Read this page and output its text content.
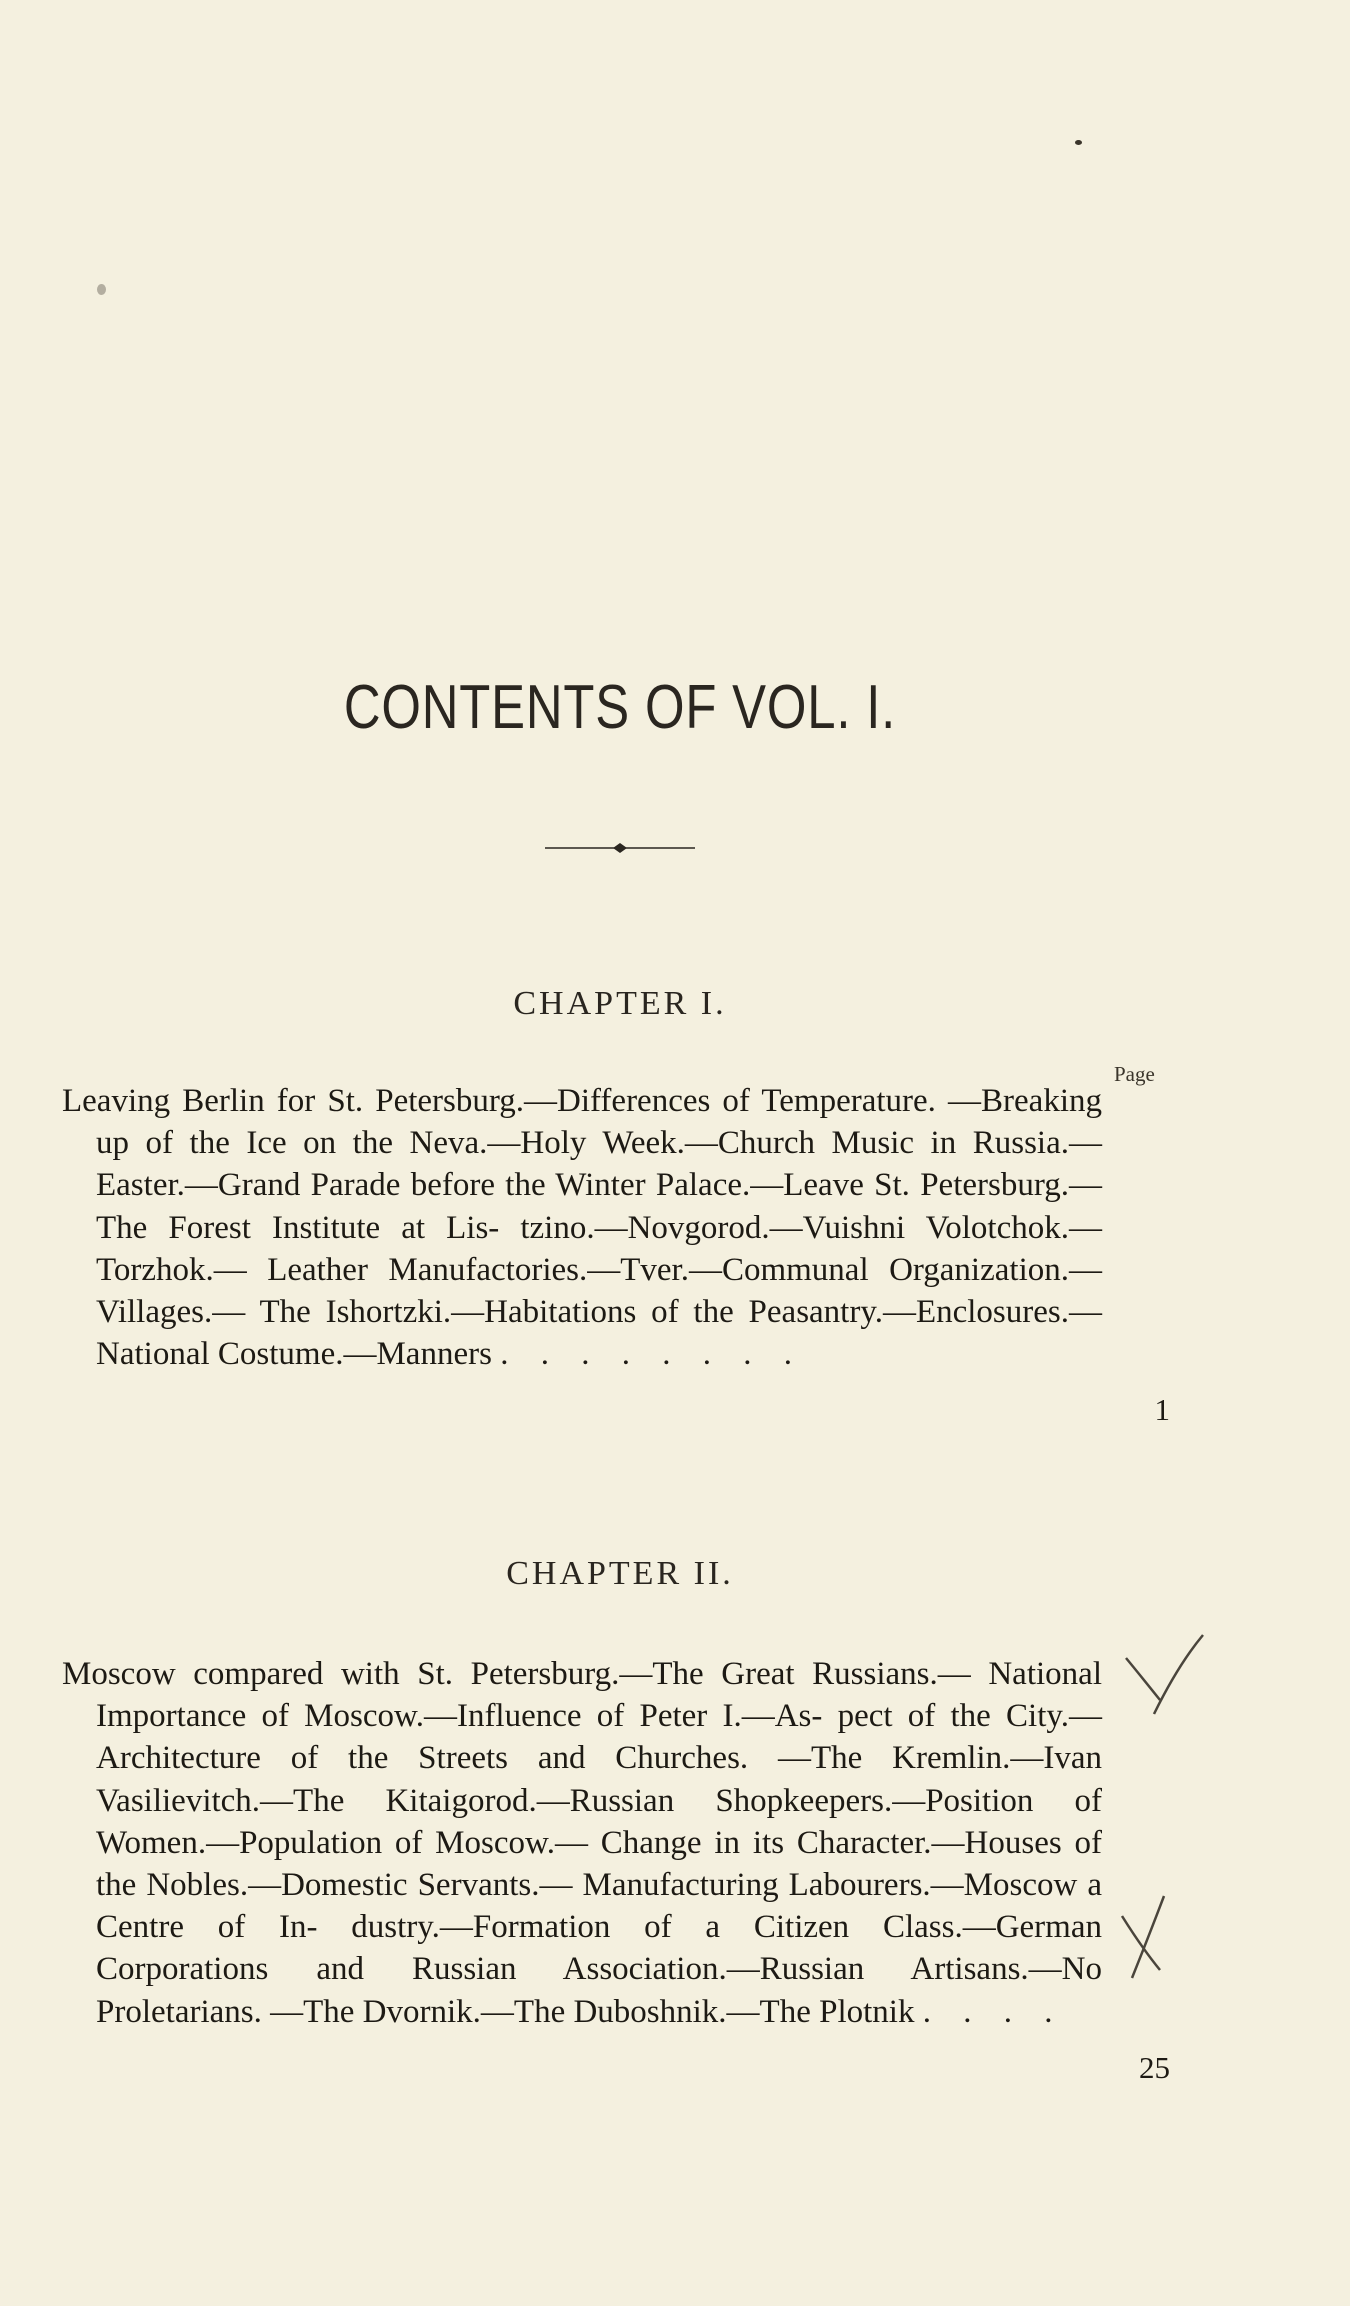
CONTENTS OF VOL. I.
CHAPTER I.
Page

Leaving Berlin for St. Petersburg.—Differences of Temperature. —Breaking up of the Ice on the Neva.—Holy Week.—Church Music in Russia.—Easter.—Grand Parade before the Winter Palace.—Leave St. Petersburg.—The Forest Institute at Lis- tzino.—Novgorod.—Vuishni Volotchok.— Torzhok.— Leather Manufactories.—Tver.—Communal Organization.—Villages.— The Ishortzki.—Habitations of the Peasantry.—Enclosures.— National Costume.—Manners . . . . . . . .

1
CHAPTER II.

Moscow compared with St. Petersburg.—The Great Russians.— National Importance of Moscow.—Influence of Peter I.—As- pect of the City.—Architecture of the Streets and Churches. —The Kremlin.—Ivan Vasilievitch.—The Kitaigorod.—Russian Shopkeepers.—Position of Women.—Population of Moscow.— Change in its Character.—Houses of the Nobles.—Domestic Servants.— Manufacturing Labourers.—Moscow a Centre of In- dustry.—Formation of a Citizen Class.—German Corporations and Russian Association.—Russian Artisans.—No Proletarians. —The Dvornik.—The Duboshnik.—The Plotnik . . . .

25
